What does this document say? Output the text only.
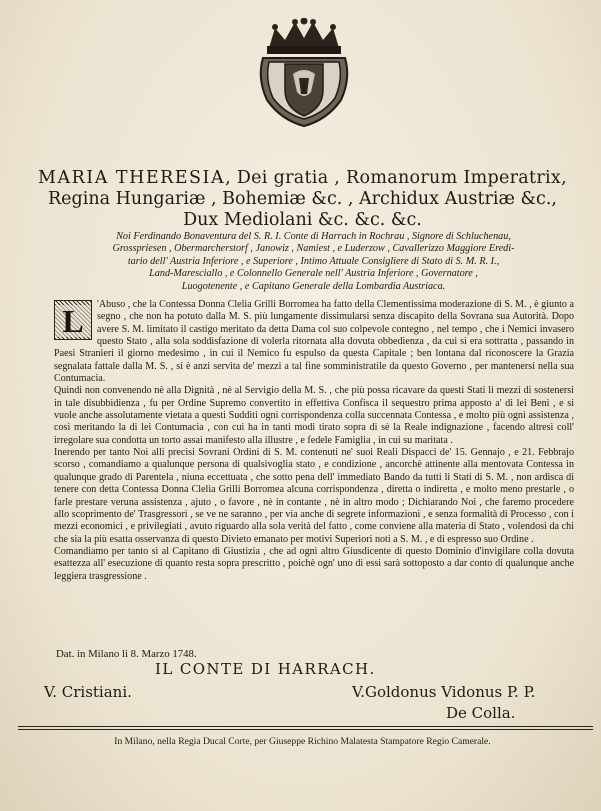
MARIA THERESIA, Dei gratia , Romanorum Imperatrix,
Regina Hungariæ , Bohemiæ &c. , Archidux Austriæ &c.,
Dux Mediolani &c. &c. &c.
Noi Ferdinando Bonaventura del S. R. I. Conte di Harrach in Rochrau , Signore di Schluchenau,
Grosspriesen , Obermarcherstorf , Janowiz , Namiest , e Luderzow , Cavallerizzo Maggiore Eredi-
tario dell' Austria Inferiore , e Superiore , Intimo Attuale Consigliere di Stato di S. M. R. I.,
Land-Maresciallo , e Colonnello Generale nell' Austria Inferiore , Governatore ,
Luogotenente , e Capitano Generale della Lombardia Austriaca.
L	'Abuso , che la Contessa Donna Clelia Grilli Borromea ha fatto della Clementissima moderazione di S. M. , è giunto a segno , che non ha potuto dalla M. S. più lungamente dissimularsi senza discapito della Sovrana sua Autorità. Dopo avere S. M. limitato il castigo meritato da detta Dama col suo colpevole contegno , nel tempo , che i Nemici invasero questo Stato , alla sola soddisfazione di volerla ritornata alla dovuta obbedienza , da cui si era sottratta , passando in Paesi Stranieri il giorno medesimo , in cui il Nemico fu espulso da questa Capitale ; ben lontana dal riconoscere la Grazia segnalata fattale dalla M. S. , si è anzi servita de' mezzi a tal fine somministratile da questo Governo , per mantenersi nella sua Contumacia.

Quindi non convenendo nè alla Dignità , nè al Servigio della M. S. , che più possa ricavare da questi Stati li mezzi di sostenersi in tale disubbidienza , fu per Ordine Supremo convertito in effettiva Confisca il sequestro prima apposto a' di lei Beni , e si vuole anche assolutamente vietata a questi Sudditi ogni corrispondenza colla succennata Contessa , e molto più ogni assistenza , così meritando la di lei Contumacia , con cui ha in tanti modi tirato sopra di sè la Reale indignazione , facendo altresì coll' irregolare sua condotta un torto assai manifesto alla illustre , e fedele Famiglia , in cui su maritata .

Inerendo per tanto Noi alli precisi Sovrani Ordini di S. M. contenuti ne' suoi Reali Dispacci de' 15. Gennajo , e 21. Febbrajo scorso , comandiamo a qualunque persona di qualsivoglia stato , e condizione , ancorchè attinente alla mentovata Contessa in qualunque grado di Parentela , niuna eccettuata , che sotto pena dell' immediato Bando da tutti li Stati di S. M. , non ardisca di tenere con detta Contessa Donna Clelia Grilli Borromea alcuna corrispondenza , diretta o indiretta , e molto meno prestarle , o farle prestare veruna assistenza , ajuto , o favore , nè in contante , nè in altro modo ; Dichiarando Noi , che faremo procedere allo scoprimento de' Trasgressori , se ve ne saranno , per via anche di segrete informazioni , e senza formalità di Processo , con i mezzi economici , e privilegiati , avuto riguardo alla sola verità del fatto , come conviene alla materia di Stato , volendosi da chi che sia la più esatta osservanza di questo Divieto emanato per motivi Superiori noti a S. M. , e di espresso suo Ordine .

Comandiamo per tanto sì al Capitano di Giustizia , che ad ogni altro Giusdicente di questo Dominio d'invigilare colla dovuta esattezza all' esecuzione di quanto resta sopra prescritto , poichè ogn' uno di essi sarà sottoposto a dar conto di qualunque anche leggiera trasgressione .

Dat. in Milano li 8. Marzo 1748.
IL CONTE DI HARRACH.
V. Cristiani.	V.Goldonus Vidonus P. P.
De Colla.
In Milano, nella Regia Ducal Corte, per Giuseppe Richino Malatesta Stampatore Regio Camerale.
